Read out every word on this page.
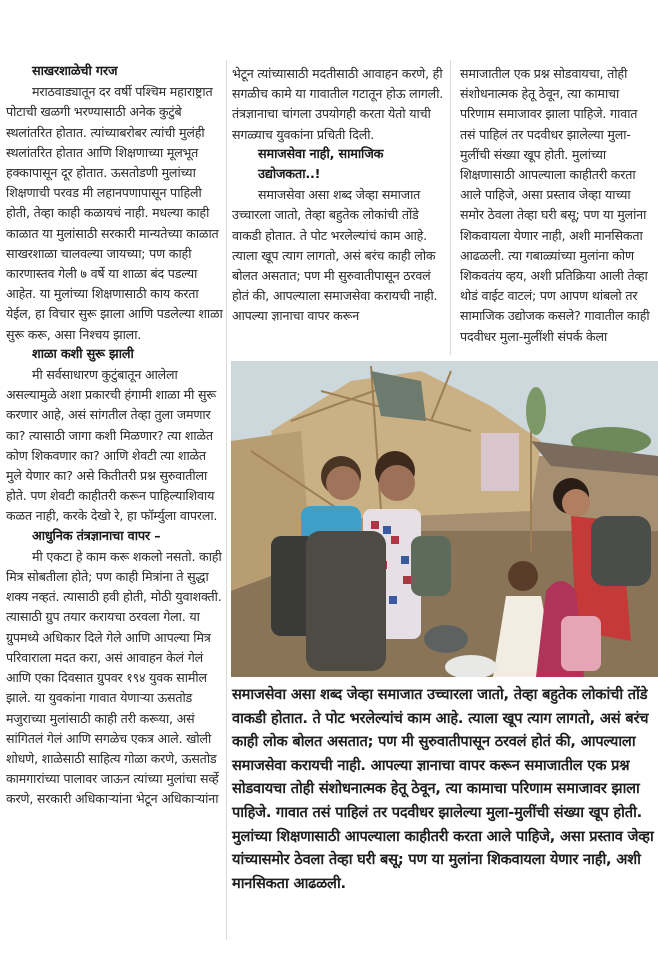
साखरशाळेची गरज

मराठवाड्यातून दर वर्षी पश्चिम महाराष्ट्रात पोटाची खळगी भरण्यासाठी अनेक कुटुंबे स्थलांतरित होतात. त्यांच्याबरोबर त्यांची मुलंही स्थलांतरित होतात आणि शिक्षणाच्या मूलभूत हक्कापासून दूर होतात. ऊसतोडणी मुलांच्या शिक्षणाची परवड मी लहानपणापासून पाहिली होती, तेव्हा काही कळायचं नाही. मधल्या काही काळात या मुलांसाठी सरकारी मान्यतेच्या काळात साखरशाळा चालवल्या जायच्या; पण काही कारणास्तव गेली ७ वर्षे या शाळा बंद पडल्या आहेत. या मुलांच्या शिक्षणासाठी काय करता येईल, हा विचार सुरू झाला आणि पडलेल्या शाळा सुरू करू, असा निश्चय झाला.

शाळा कशी सुरू झाली

मी सर्वसाधारण कुटुंबातून आलेला असल्यामुळे अशा प्रकारची हंगामी शाळा मी सुरू करणार आहे, असं सांगतील तेव्हा तुला जमणार का? त्यासाठी जागा कशी मिळणार? त्या शाळेत कोण शिकवणार का? आणि शेवटी त्या शाळेत मुले येणार का? असे कितीतरी प्रश्न सुरुवातीला होते. पण शेवटी काहीतरी करून पाहिल्याशिवाय कळत नाही, करके देखो रे, हा फॉर्म्युला वापरला.

आधुनिक तंत्रज्ञानाचा वापर –

मी एकटा हे काम करू शकलो नसतो. काही मित्र सोबतीला होते; पण काही मित्रांना ते सुद्धा शक्य नव्हतं. त्यासाठी हवी होती, मोठी युवाशक्ती. त्यासाठी ग्रुप तयार करायचा ठरवला गेला. या ग्रुपमध्ये अधिकार दिले गेले आणि आपल्या मित्र परिवाराला मदत करा, असं आवाहन केलं गेलं आणि एका दिवसात ग्रुपवर १९४ युवक सामील झाले. या युवकांना गावात येणाऱ्या ऊसतोड मजुराच्या मुलांसाठी काही तरी करूया, असं सांगितलं गेलं आणि सगळेच एकत्र आले. खोली शोधणे, शाळेसाठी साहित्य गोळा करणे, ऊसतोड कामगारांच्या पालावर जाऊन त्यांच्या मुलांचा सर्व्हे करणे, सरकारी अधिकाऱ्यांना भेटून अधिकाऱ्यांना

भेटून त्यांच्यासाठी मदतीसाठी आवाहन करणे, ही सगळीच कामे या गावातील गटातून होऊ लागली. तंत्रज्ञानाचा चांगला उपयोगही करता येतो याची सगळ्याच युवकांना प्रचिती दिली.

समाजसेवा नाही, सामाजिक उद्योजकता..!

समाजसेवा असा शब्द जेव्हा समाजात उच्चारला जातो, तेव्हा बहुतेक लोकांची तोंडे वाकडी होतात. ते पोट भरलेल्यांचं काम आहे. त्याला खूप त्याग लागतो, असं बरंच काही लोक बोलत असतात; पण मी सुरुवातीपासून ठरवलं होतं की, आपल्याला समाजसेवा करायची नाही. आपल्या ज्ञानाचा वापर करून

समाजातील एक प्रश्न सोडवायचा, तोही संशोधनात्मक हेतू ठेवून, त्या कामाचा परिणाम समाजावर झाला पाहिजे. गावात तसं पाहिलं तर पदवीधर झालेल्या मुला-मुलींची संख्या खूप होती. मुलांच्या शिक्षणासाठी आपल्याला काहीतरी करता आले पाहिजे, असा प्रस्ताव जेव्हा याच्या समोर ठेवला तेव्हा घरी बसू; पण या मुलांना शिकवायला येणार नाही, अशी मानसिकता आढळली. त्या गबाळ्यांच्या मुलांना कोण शिकवतंय व्हय, अशी प्रतिक्रिया आली तेव्हा थोडं वाईट वाटलं; पण आपण थांबलो तर सामाजिक उद्योजक कसले? गावातील काही पदवीधर मुला-मुलींशी संपर्क केला

समाजसेवा असा शब्द जेव्हा समाजात उच्चारला जातो, तेव्हा बहुतेक लोकांची तोंडे वाकडी होतात. ते पोट भरलेल्यांचं काम आहे. त्याला खूप त्याग लागतो, असं बरंच काही लोक बोलत असतात; पण मी सुरुवातीपासून ठरवलं होतं की, आपल्याला समाजसेवा करायची नाही. आपल्या ज्ञानाचा वापर करून समाजातील एक प्रश्न सोडवायचा तोही संशोधनात्मक हेतू ठेवून, त्या कामाचा परिणाम समाजावर झाला पाहिजे. गावात तसं पाहिलं तर पदवीधर झालेल्या मुला-मुलींची संख्या खूप होती. मुलांच्या शिक्षणासाठी आपल्याला काहीतरी करता आले पाहिजे, असा प्रस्ताव जेव्हा यांच्यासमोर ठेवला तेव्हा घरी बसू; पण या मुलांना शिकवायला येणार नाही, अशी मानसिकता आढळली.
